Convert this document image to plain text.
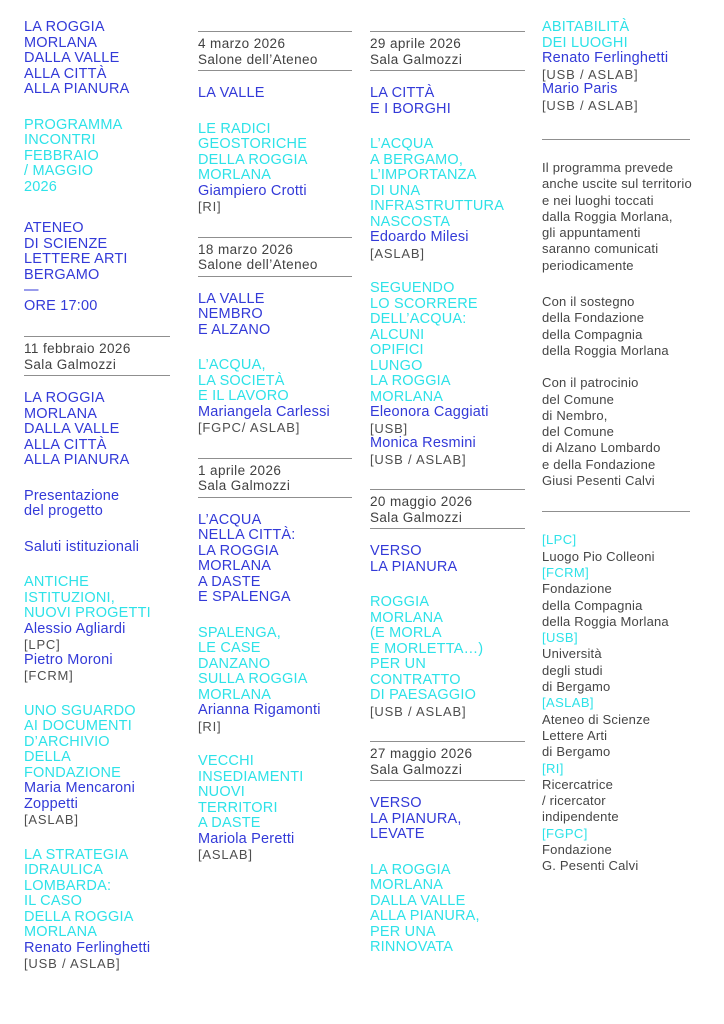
LA ROGGIA
MORLANA
DALLA VALLE
ALLA CITTÀ
ALLA PIANURA
PROGRAMMA
INCONTRI
FEBBRAIO
/ MAGGIO
2026
ATENEO
DI SCIENZE
LETTERE ARTI
BERGAMO
—
ORE 17:00
11 febbraio 2026
Sala Galmozzi
LA ROGGIA
MORLANA
DALLA VALLE
ALLA CITTÀ
ALLA PIANURA
Presentazione
del progetto
Saluti istituzionali
ANTICHE
ISTITUZIONI,
NUOVI PROGETTI
Alessio Agliardi
[LPC]
Pietro Moroni
[FCRM]
UNO SGUARDO
AI DOCUMENTI
D’ARCHIVIO
DELLA
FONDAZIONE
Maria Mencaroni
Zoppetti
[ASLAB]
LA STRATEGIA
IDRAULICA
LOMBARDA:
IL CASO
DELLA ROGGIA
MORLANA
Renato Ferlinghetti
[USB / ASLAB]
4 marzo 2026
Salone dell’Ateneo
LA VALLE
LE RADICI
GEOSTORICHE
DELLA ROGGIA
MORLANA
Giampiero Crotti
[RI]
18 marzo 2026
Salone dell’Ateneo
LA VALLE
NEMBRO
E ALZANO
L’ACQUA,
LA SOCIETÀ
E IL LAVORO
Mariangela Carlessi
[FGPC/ ASLAB]
1 aprile 2026
Sala Galmozzi
L’ACQUA
NELLA CITTÀ:
LA ROGGIA
MORLANA
A DASTE
E SPALENGA
SPALENGA,
LE CASE
DANZANO
SULLA ROGGIA
MORLANA
Arianna Rigamonti
[RI]
VECCHI
INSEDIAMENTI
NUOVI
TERRITORI
A DASTE
Mariola Peretti
[ASLAB]
29 aprile 2026
Sala Galmozzi
LA CITTÀ
E I BORGHI
L’ACQUA
A BERGAMO,
L’IMPORTANZA
DI UNA
INFRASTRUTTURA
NASCOSTA
Edoardo Milesi
[ASLAB]
SEGUENDO
LO SCORRERE
DELL’ACQUA:
ALCUNI
OPIFICI
LUNGO
LA ROGGIA
MORLANA
Eleonora Caggiati
[USB]
Monica Resmini
[USB / ASLAB]
20 maggio 2026
Sala Galmozzi
VERSO
LA PIANURA
ROGGIA
MORLANA
(E MORLA
E MORLETTA…)
PER UN
CONTRATTO
DI PAESAGGIO
[USB / ASLAB]
27 maggio 2026
Sala Galmozzi
VERSO
LA PIANURA,
LEVATE
LA ROGGIA
MORLANA
DALLA VALLE
ALLA PIANURA,
PER UNA
RINNOVATA
ABITABILITÀ
DEI LUOGHI
Renato Ferlinghetti
[USB / ASLAB]
Mario Paris
[USB / ASLAB]
Il programma prevede
anche uscite sul territorio
e nei luoghi toccati
dalla Roggia Morlana,
gli appuntamenti
saranno comunicati
periodicamente
Con il sostegno
della Fondazione
della Compagnia
della Roggia Morlana
Con il patrocinio
del Comune
di Nembro,
del Comune
di Alzano Lombardo
e della Fondazione
Giusi Pesenti Calvi
[LPC]
Luogo Pio Colleoni
[FCRM]
Fondazione
della Compagnia
della Roggia Morlana
[USB]
Università
degli studi
di Bergamo
[ASLAB]
Ateneo di Scienze
Lettere Arti
di Bergamo
[RI]
Ricercatrice
/ ricercator
indipendente
[FGPC]
Fondazione
G. Pesenti Calvi
